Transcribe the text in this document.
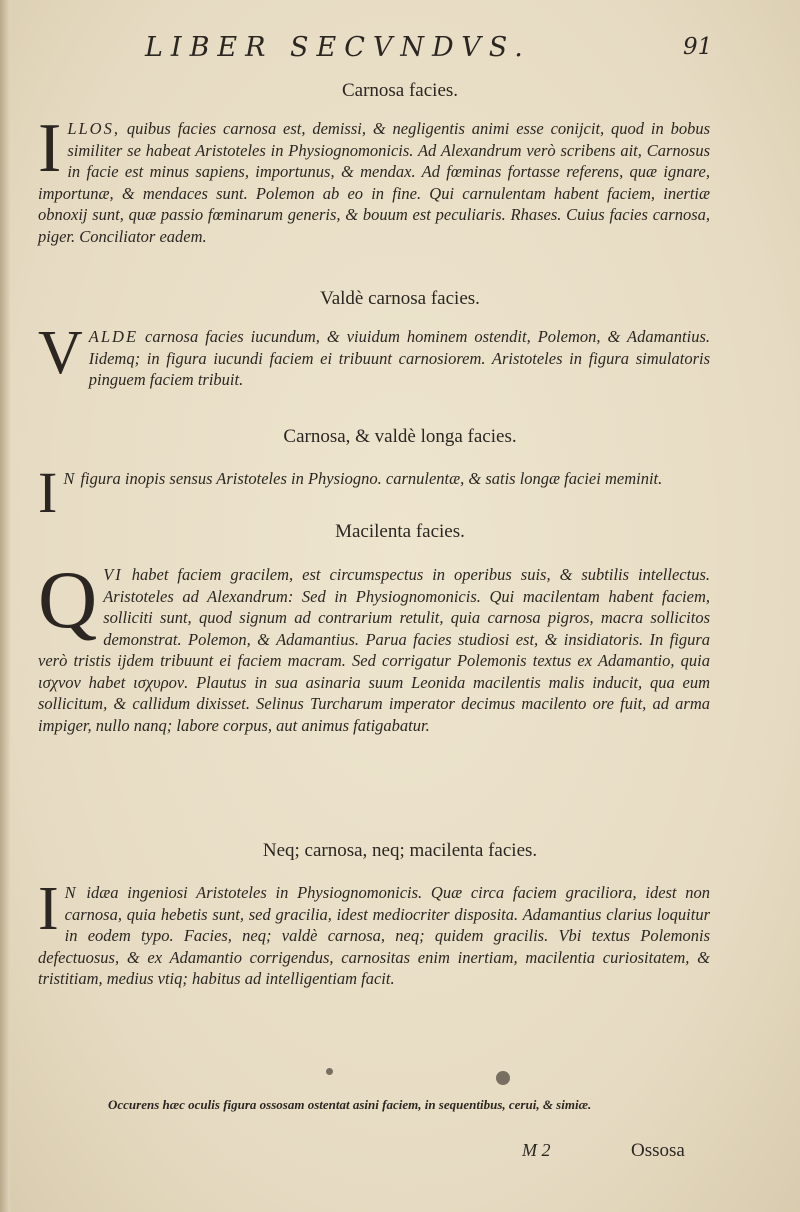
LIBER SECVNDVS.	91
Carnosa facies.
I LLOS, quibus facies carnosa est, demissi, & negligentis animi esse conijcit, quod in bobus similiter se habeat Aristoteles in Physiognomonicis. Ad Alexandrum verò scribens ait, Carnosus in facie est minus sapiens, importunus, & mendax. Ad fœminas fortasse referens, quæ ignare, importunæ, & mendaces sunt. Polemon ab eo in fine. Qui carnulentam habent faciem, inertiæ obnoxij sunt, quæ passio fœminarum generis, & bouum est peculiaris. Rhases. Cuius facies carnosa, piger. Conciliator eadem.

Valdè carnosa facies.
V ALDE carnosa facies iucundum, & viuidum hominem ostendit, Polemon, & Adamantius. Iidemq; in figura iucundi faciem ei tribuunt carnosiorem. Aristoteles in figura simulatoris pinguem faciem tribuit.

Carnosa, & valdè longa facies.
I N figura inopis sensus Aristoteles in Physiogno. carnulentæ, & satis longæ faciei meminit.

Macilenta facies.
Q VI habet faciem gracilem, est circumspectus in operibus suis, & subtilis intellectus. Aristoteles ad Alexandrum: Sed in Physiognomonicis. Qui macilentam habent faciem, solliciti sunt, quod signum ad contrarium retulit, quia carnosa pigros, macra sollicitos demonstrat. Polemon, & Adamantius. Parua facies studiosi est, & insidiatoris. In figura verò tristis ijdem tribuunt ei faciem macram. Sed corrigatur Polemonis textus ex Adamantio, quia ισχνον habet ισχυρον. Plautus in sua asinaria suum Leonida macilentis malis inducit, qua eum sollicitum, & callidum dixisset. Selinus Turcharum imperator decimus macilento ore fuit, ad arma impiger, nullo nanq; labore corpus, aut animus fatigabatur.

Neq; carnosa, neq; macilenta facies.
I N idæa ingeniosi Aristoteles in Physiognomonicis. Quæ circa faciem graciliora, idest non carnosa, quia hebetis sunt, sed gracilia, idest mediocriter disposita. Adamantius clarius loquitur in eodem typo. Facies, neq; valdè carnosa, neq; quidem gracilis. Vbi textus Polemonis defectuosus, & ex Adamantio corrigendus, carnositas enim inertiam, macilentia curiositatem, & tristitiam, medius vtiq; habitus ad intelligentiam facit.

Occurens hæc oculis figura ossosam ostentat asini faciem, in sequentibus, cerui, & simiæ.
M 2	Ossosa
